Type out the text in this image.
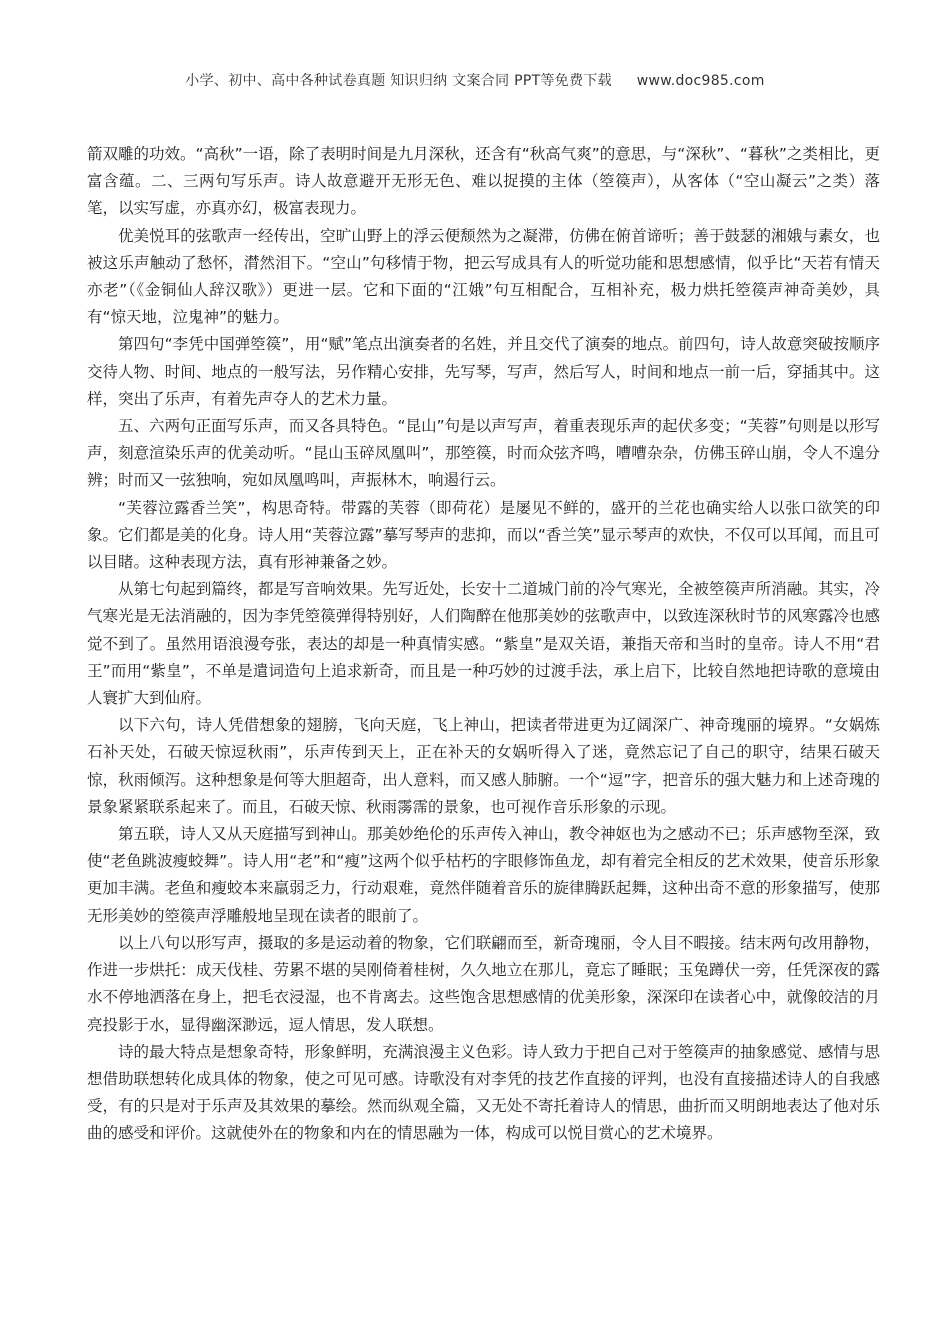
小学、初中、高中各种试卷真题 知识归纳 文案合同 PPT等免费下载 www.doc985.com

箭双雕的功效。“高秋”一语，除了表明时间是九月深秋，还含有“秋高气爽”的意思，与“深秋”、“暮秋”之类相比，更富含蕴。二、三两句写乐声。诗人故意避开无形无色、难以捉摸的主体（箜篌声），从客体（“空山凝云”之类）落笔，以实写虚，亦真亦幻，极富表现力。

优美悦耳的弦歌声一经传出，空旷山野上的浮云便颓然为之凝滞，仿佛在俯首谛听；善于鼓瑟的湘娥与素女，也被这乐声触动了愁怀，潸然泪下。“空山”句移情于物，把云写成具有人的听觉功能和思想感情，似乎比“天若有情天亦老”（《金铜仙人辞汉歌》）更进一层。它和下面的“江娥”句互相配合，互相补充，极力烘托箜篌声神奇美妙，具有“惊天地，泣鬼神”的魅力。

第四句“李凭中国弹箜篌”，用“赋”笔点出演奏者的名姓，并且交代了演奏的地点。前四句，诗人故意突破按顺序交待人物、时间、地点的一般写法，另作精心安排，先写琴，写声，然后写人，时间和地点一前一后，穿插其中。这样，突出了乐声，有着先声夺人的艺术力量。

五、六两句正面写乐声，而又各具特色。“昆山”句是以声写声，着重表现乐声的起伏多变；“芙蓉”句则是以形写声，刻意渲染乐声的优美动听。“昆山玉碎凤凰叫”，那箜篌，时而众弦齐鸣，嘈嘈杂杂，仿佛玉碎山崩，令人不遑分辨；时而又一弦独响，宛如凤凰鸣叫，声振林木，响遏行云。

“芙蓉泣露香兰笑”，构思奇特。带露的芙蓉（即荷花）是屡见不鲜的，盛开的兰花也确实给人以张口欲笑的印象。它们都是美的化身。诗人用“芙蓉泣露”摹写琴声的悲抑，而以“香兰笑”显示琴声的欢快，不仅可以耳闻，而且可以目睹。这种表现方法，真有形神兼备之妙。

从第七句起到篇终，都是写音响效果。先写近处，长安十二道城门前的冷气寒光，全被箜篌声所消融。其实，冷气寒光是无法消融的，因为李凭箜篌弹得特别好，人们陶醉在他那美妙的弦歌声中，以致连深秋时节的风寒露冷也感觉不到了。虽然用语浪漫夸张，表达的却是一种真情实感。“紫皇”是双关语，兼指天帝和当时的皇帝。诗人不用“君王”而用“紫皇”，不单是遣词造句上追求新奇，而且是一种巧妙的过渡手法，承上启下，比较自然地把诗歌的意境由人寰扩大到仙府。

以下六句，诗人凭借想象的翅膀，飞向天庭，飞上神山，把读者带进更为辽阔深广、神奇瑰丽的境界。“女娲炼石补天处，石破天惊逗秋雨”，乐声传到天上，正在补天的女娲听得入了迷，竟然忘记了自己的职守，结果石破天惊，秋雨倾泻。这种想象是何等大胆超奇，出人意料，而又感人肺腑。一个“逗”字，把音乐的强大魅力和上述奇瑰的景象紧紧联系起来了。而且，石破天惊、秋雨霶霈的景象，也可视作音乐形象的示现。

第五联，诗人又从天庭描写到神山。那美妙绝伦的乐声传入神山，教令神妪也为之感动不已；乐声感物至深，致使“老鱼跳波瘦蛟舞”。诗人用“老”和“瘦”这两个似乎枯朽的字眼修饰鱼龙，却有着完全相反的艺术效果，使音乐形象更加丰满。老鱼和瘦蛟本来羸弱乏力，行动艰难，竟然伴随着音乐的旋律腾跃起舞，这种出奇不意的形象描写，使那无形美妙的箜篌声浮雕般地呈现在读者的眼前了。

以上八句以形写声，摄取的多是运动着的物象，它们联翩而至，新奇瑰丽，令人目不暇接。结末两句改用静物，作进一步烘托：成天伐桂、劳累不堪的吴刚倚着桂树，久久地立在那儿，竟忘了睡眠；玉兔蹲伏一旁，任凭深夜的露水不停地洒落在身上，把毛衣浸湿，也不肯离去。这些饱含思想感情的优美形象，深深印在读者心中，就像皎洁的月亮投影于水，显得幽深渺远，逗人情思，发人联想。

诗的最大特点是想象奇特，形象鲜明，充满浪漫主义色彩。诗人致力于把自己对于箜篌声的抽象感觉、感情与思想借助联想转化成具体的物象，使之可见可感。诗歌没有对李凭的技艺作直接的评判，也没有直接描述诗人的自我感受，有的只是对于乐声及其效果的摹绘。然而纵观全篇，又无处不寄托着诗人的情思，曲折而又明朗地表达了他对乐曲的感受和评价。这就使外在的物象和内在的情思融为一体，构成可以悦目赏心的艺术境界。
